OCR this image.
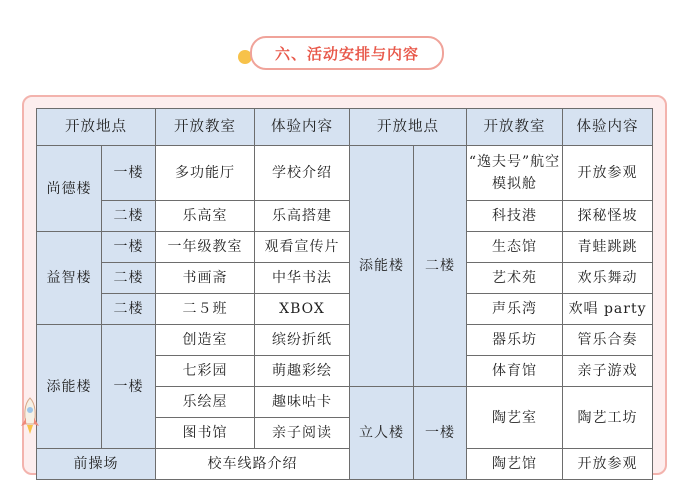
六、活动安排与内容
开放地点		开放教室	体验内容	开放地点		开放教室	体验内容
尚德楼	一楼	多功能厅	学校介绍	添能楼	二楼	“逸夫号”航空模拟舱	开放参观
	二楼	乐高室	乐高搭建			科技港	探秘怪坡
益智楼	一楼	一年级教室	观看宣传片			生态馆	青蛙跳跳
	二楼	书画斋	中华书法			艺术苑	欢乐舞动
	二楼	二５班	XBOX			声乐湾	欢唱 party
添能楼	一楼	创造室	缤纷折纸			器乐坊	管乐合奏
		七彩园	萌趣彩绘			体育馆	亲子游戏
		乐绘屋	趣味咕卡	立人楼	一楼	陶艺室	陶艺工坊
		图书馆	亲子阅读				
前操场		校车线路介绍				陶艺馆	开放参观
